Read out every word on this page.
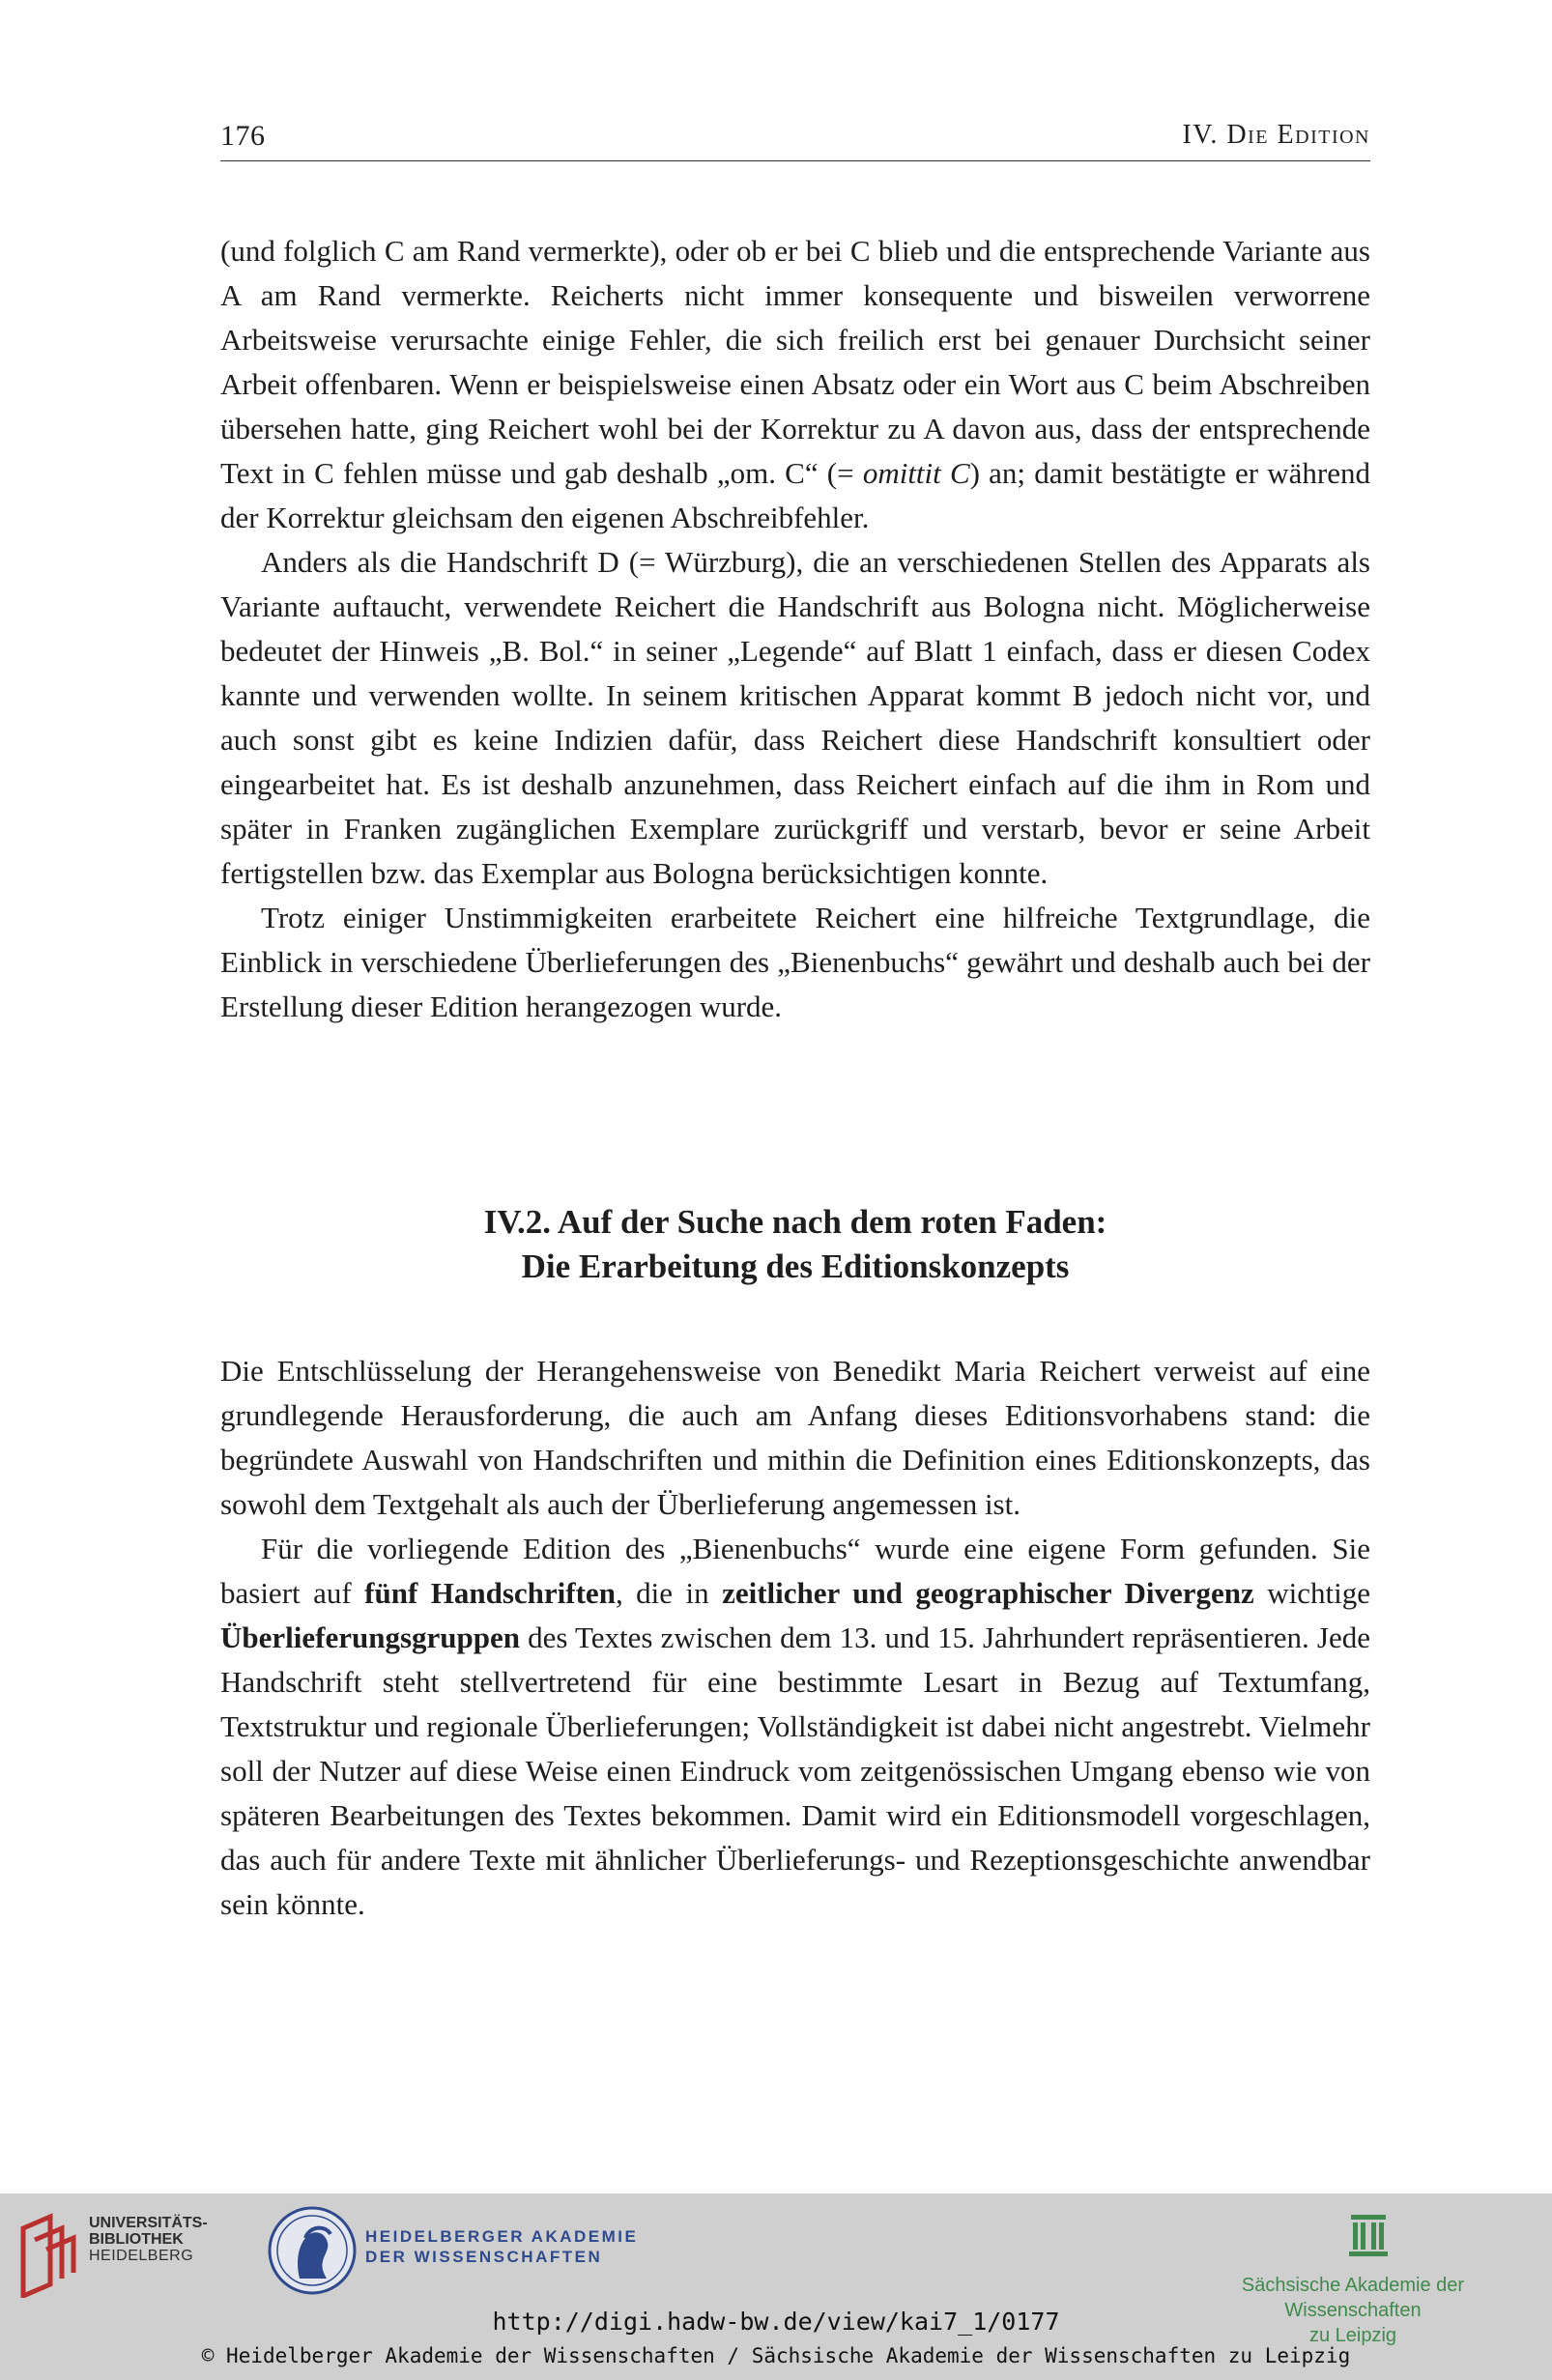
176	IV. Die Edition

(und folglich C am Rand vermerkte), oder ob er bei C blieb und die entsprechende Variante aus A am Rand vermerkte. Reicherts nicht immer konsequente und bisweilen verworrene Arbeitsweise verursachte einige Fehler, die sich freilich erst bei genauer Durchsicht seiner Arbeit offenbaren. Wenn er beispielsweise einen Absatz oder ein Wort aus C beim Abschreiben übersehen hatte, ging Reichert wohl bei der Korrektur zu A davon aus, dass der entsprechende Text in C fehlen müsse und gab deshalb „om. C“ (= omittit C) an; damit bestätigte er während der Korrektur gleichsam den eigenen Abschreibfehler.

Anders als die Handschrift D (= Würzburg), die an verschiedenen Stellen des Apparats als Variante auftaucht, verwendete Reichert die Handschrift aus Bologna nicht. Möglicherweise bedeutet der Hinweis „B. Bol.“ in seiner „Legende“ auf Blatt 1 einfach, dass er diesen Codex kannte und verwenden wollte. In seinem kritischen Apparat kommt B jedoch nicht vor, und auch sonst gibt es keine Indizien dafür, dass Reichert diese Handschrift konsultiert oder eingearbeitet hat. Es ist deshalb anzunehmen, dass Reichert einfach auf die ihm in Rom und später in Franken zugänglichen Exemplare zurückgriff und verstarb, bevor er seine Arbeit fertigstellen bzw. das Exemplar aus Bologna berücksichtigen konnte.

Trotz einiger Unstimmigkeiten erarbeitete Reichert eine hilfreiche Textgrundlage, die Einblick in verschiedene Überlieferungen des „Bienenbuchs“ gewährt und deshalb auch bei der Erstellung dieser Edition herangezogen wurde.

IV.2. Auf der Suche nach dem roten Faden:
Die Erarbeitung des Editionskonzepts

Die Entschlüsselung der Herangehensweise von Benedikt Maria Reichert verweist auf eine grundlegende Herausforderung, die auch am Anfang dieses Editionsvorhabens stand: die begründete Auswahl von Handschriften und mithin die Definition eines Editionskonzepts, das sowohl dem Textgehalt als auch der Überlieferung angemessen ist.

Für die vorliegende Edition des „Bienenbuchs“ wurde eine eigene Form gefunden. Sie basiert auf fünf Handschriften, die in zeitlicher und geographischer Divergenz wichtige Überlieferungsgruppen des Textes zwischen dem 13. und 15. Jahrhundert repräsentieren. Jede Handschrift steht stellvertretend für eine bestimmte Lesart in Bezug auf Textumfang, Textstruktur und regionale Überlieferungen; Vollständigkeit ist dabei nicht angestrebt. Vielmehr soll der Nutzer auf diese Weise einen Eindruck vom zeitgenössischen Umgang ebenso wie von späteren Bearbeitungen des Textes bekommen. Damit wird ein Editionsmodell vorgeschlagen, das auch für andere Texte mit ähnlicher Überlieferungs- und Rezeptionsgeschichte anwendbar sein könnte.

UNIVERSITÄTS-
BIBLIOTHEK
HEIDELBERG
HEIDELBERGER AKADEMIE
DER WISSENSCHAFTEN
Sächsische Akademie der Wissenschaften
zu Leipzig
http://digi.hadw-bw.de/view/kai7_1/0177
© Heidelberger Akademie der Wissenschaften / Sächsische Akademie der Wissenschaften zu Leipzig
